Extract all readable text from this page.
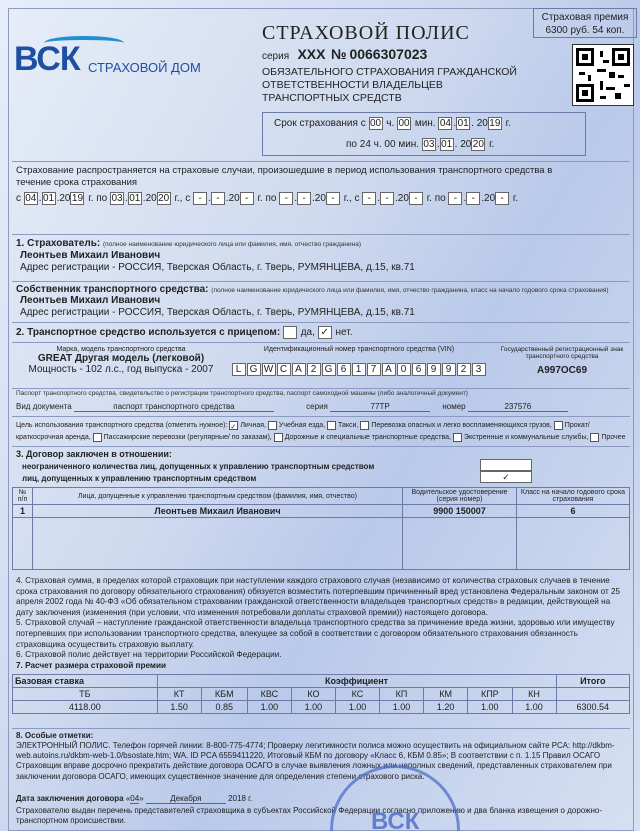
ВСК СТРАХОВОЙ ДОМ
СТРАХОВОЙ ПОЛИС
серия ХХХ № 0066307023
ОБЯЗАТЕЛЬНОГО СТРАХОВАНИЯ ГРАЖДАНСКОЙ ОТВЕТСТВЕННОСТИ ВЛАДЕЛЬЦЕВ ТРАНСПОРТНЫХ СРЕДСТВ
Страховая премия
6300 руб. 54 коп.
Срок страхования с 00 ч. 00 мин. 04 .01 . 2019 г.
по 24 ч. 00 мин. 03 .01 . 2020 г.
Страхование распространяется на страховые случаи, произошедшие в период использования транспортного средства в течение срока страхования
с 04 .01 .2019 г. по 03 .01 .2020 г., с - . - .20 - г. по - . - .20 - г., с - . - .20 - г. по - . - .20 - г.
1. Страхователь: (полное наименование юридического лица или фамилия, имя, отчество гражданина)
Леонтьев Михаил Иванович
Адрес регистрации - РОССИЯ, Тверская Область, г. Тверь, РУМЯНЦЕВА, д.15, кв.71
Собственник транспортного средства: (полное наименование юридического лица или фамилия, имя, отчество гражданина, класс на начало годового срока страхования)
Леонтьев Михаил Иванович
Адрес регистрации - РОССИЯ, Тверская Область, г. Тверь, РУМЯНЦЕВА, д.15, кв.71
2. Транспортное средство используется с прицепом: да, ✓ нет.
Марка, модель транспортного средства
GREAT Другая модель (легковой)
Мощность - 102 л.с., год выпуска - 2007
Идентификационный номер транспортного средства (VIN)
L G W C A 2 G 6 1 7 A 0 6 9 9 2 3
Государственный регистрационный знак транспортного средства
А997ОС69
Паспорт транспортного средства, свидетельство о регистрации транспортного средства, паспорт самоходной машины (либо аналогичный документ)
Вид документа	паспорт транспортного средства	серия	77ТР	номер	237576
Цель использования транспортного средства (отметить нужное): ✓ Личная, Учебная езда, Такси, Перевозка опасных и легко воспламеняющихся грузов, Прокат/краткосрочная аренда, Пассажирские перевозки (регулярные/ по заказам), Дорожные и специальные транспортные средства, Экстренные и коммунальные службы, Прочее
3. Договор заключен в отношении:
неограниченного количества лиц, допущенных к управлению транспортным средством
лиц, допущенных к управлению транспортным средством	✓
№ п/п	Лица, допущенные к управлению транспортным средством (фамилия, имя, отчество)	Водительское удостоверение (серия номер)	Класс на начало годового срока страхования
1	Леонтьев Михаил Иванович	9900 150007	6

4. Страховая сумма, в пределах которой страховщик при наступлении каждого страхового случая (независимо от количества страховых случаев в течение срока страхования по договору обязательного страхования) обязуется возместить потерпевшим причиненный вред установлена Федеральным законом от 25 апреля 2002 года № 40-ФЗ «Об обязательном страховании гражданской ответственности владельцев транспортных средств» в редакции, действующей на дату заключения (изменения (при условии, что изменения потребовали доплаты страховой премии)) настоящего договора.
5. Страховой случай – наступление гражданской ответственности владельца транспортного средства за причинение вреда жизни, здоровью или имуществу потерпевших при использовании транспортного средства, влекущее за собой в соответствии с договором обязательного страхования обязанность страховщика осуществить страховую выплату.
6. Страховой полис действует на территории Российской Федерации.
7. Расчет размера страховой премии
Базовая ставка	Коэффициент									Итого
ТБ	КТ	КБМ	КВС	КО	КС	КП	КМ	КПР	КН	
4118.00	1.50	0.85	1.00	1.00	1.00	1.00	1.20	1.00	1.00	6300.54
8. Особые отметки:
ЭЛЕКТРОННЫЙ ПОЛИС. Телефон горячей линии: 8-800-775-4774; Проверку легитимности полиса можно осуществить на официальном сайте РСА: http://dkbm-web.autoins.ru/dkbm-web-1.0/bsostate.htm; WA. ID PCA 6559411220, Итоговый КБМ по договору «Класс 6, КБМ 0.85»; В соответствии с п. 1.15 Правил ОСАГО Страховщик вправе досрочно прекратить действие договора ОСАГО в случае выявления ложных или неполных сведений, представленных страхователем при заключении договора ОСАГО, имеющих существенное значение для определения степени страхового риска.
Дата заключения договора «04»	Декабря	2018 г.
Страхователю выдан перечень представителей страховщика в субъектах Российской Федерации согласно приложению и два бланка извещения о дорожно-транспортном происшествии.	ВСК
